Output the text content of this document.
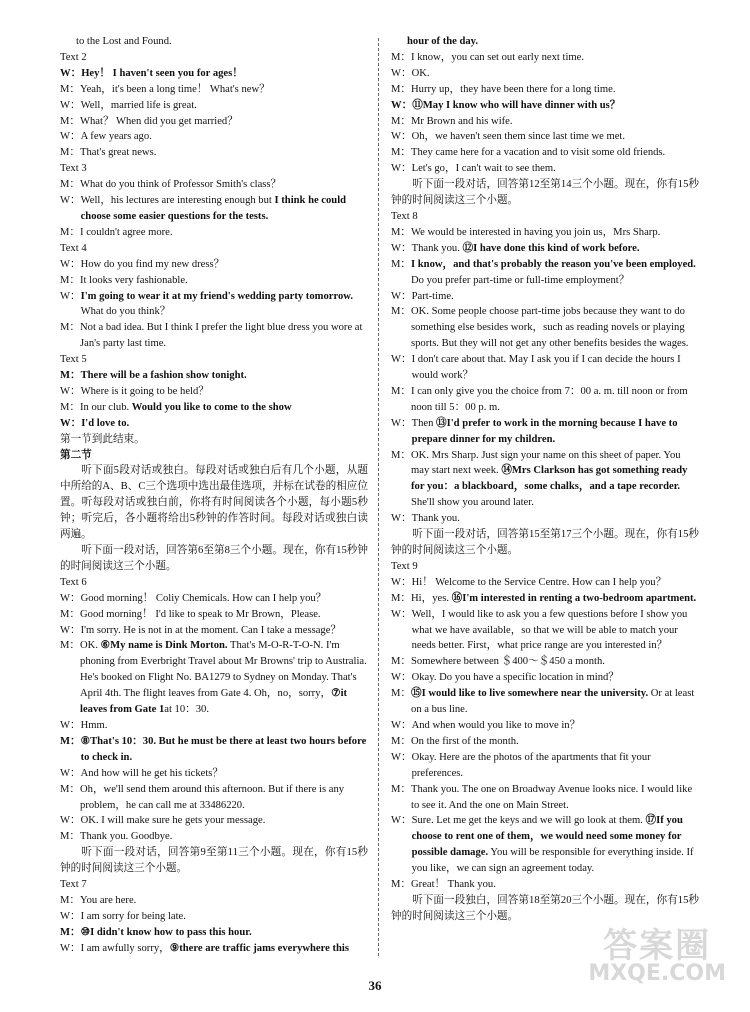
to the Lost and Found.
Text 2
W： Hey！ I haven't seen you for ages！
M： Yeah，it's been a long time！ What's new？
W： Well，married life is great.
M： What？ When did you get married？
W： A few years ago.
M： That's great news.
Text 3
M： What do you think of Professor Smith's class？
W： Well，his lectures are interesting enough but I think he could choose some easier questions for the tests.
M： I couldn't agree more.
Text 4
W： How do you find my new dress？
M： It looks very fashionable.
W： I'm going to wear it at my friend's wedding party tomorrow. What do you think？
M： Not a bad idea. But I think I prefer the light blue dress you wore at Jan's party last time.
Text 5
M： There will be a fashion show tonight.
W： Where is it going to be held？
M： In our club. Would you like to come to the show
W： I'd love to.
第一节到此结束。
第二节
听下面5段对话或独白。每段对话或独白后有几个小题，从题中所给的A、B、C三个选项中选出最佳选项，并标在试卷的相应位置。听每段对话或独白前，你将有时间阅读各个小题，每小题5秒钟；听完后，各小题将给出5秒钟的作答时间。每段对话或独白读两遍。
听下面一段对话，回答第6至第8三个小题。现在，你有15秒钟的时间阅读这三个小题。
Text 6
W： Good morning！ Coliy Chemicals. How can I help you？
M： Good morning！ I'd like to speak to Mr Brown，Please.
W： I'm sorry. He is not in at the moment. Can I take a message？
M： OK. ⑥My name is Dink Morton. That's M-O-R-T-O-N. I'm phoning from Everbright Travel about Mr Browns' trip to Australia. He's booked on Flight No. BA1279 to Sydney on Monday. That's April 4th. The flight leaves from Gate 4. Oh，no，sorry，⑦it leaves from Gate 1at 10：30.
W： Hmm.
M： ⑧That's 10：30. But he must be there at least two hours before to check in.
W： And how will he get his tickets？
M： Oh，we'll send them around this afternoon. But if there is any problem，he can call me at 33486220.
W： OK. I will make sure he gets your message.
M： Thank you. Goodbye.
听下面一段对话，回答第9至第11三个小题。现在，你有15秒钟的时间阅读这三个小题。
Text 7
M： You are here.
W： I am sorry for being late.
M： ⑩I didn't know how to pass this hour.
W： I am awfully sorry，⑨there are traffic jams everywhere this
hour of the day.
M： I know，you can set out early next time.
W： OK.
M： Hurry up，they have been there for a long time.
W： ⑪May I know who will have dinner with us？
M： Mr Brown and his wife.
W： Oh，we haven't seen them since last time we met.
M： They came here for a vacation and to visit some old friends.
W： Let's go，I can't wait to see them.
听下面一段对话，回答第12至第14三个小题。现在，你有15秒钟的时间阅读这三个小题。
Text 8
M： We would be interested in having you join us，Mrs Sharp.
W： Thank you. ⑫I have done this kind of work before.
M： I know，and that's probably the reason you've been employed. Do you prefer part-time or full-time employment？
W： Part-time.
M： OK. Some people choose part-time jobs because they want to do something else besides work，such as reading novels or playing sports. But they will not get any other benefits besides the wages.
W： I don't care about that. May I ask you if I can decide the hours I would work？
M： I can only give you the choice from 7：00 a. m. till noon or from noon till 5：00 p. m.
W： Then ⑬I'd prefer to work in the morning because I have to prepare dinner for my children.
M： OK. Mrs Sharp. Just sign your name on this sheet of paper. You may start next week. ⑭Mrs Clarkson has got something ready for you：a blackboard，some chalks，and a tape recorder. She'll show you around later.
W： Thank you.
听下面一段对话，回答第15至第17三个小题。现在，你有15秒钟的时间阅读这三个小题。
Text 9
W： Hi！ Welcome to the Service Centre. How can I help you？
M： Hi，yes. ⑯I'm interested in renting a two-bedroom apartment.
W： Well，I would like to ask you a few questions before I show you what we have available，so that we will be able to match your needs better. First，what price range are you interested in？
M： Somewhere between ＄400～＄450 a month.
W： Okay. Do you have a specific location in mind？
M： ⑮I would like to live somewhere near the university. Or at least on a bus line.
W： And when would you like to move in？
M： On the first of the month.
W： Okay. Here are the photos of the apartments that fit your preferences.
M： Thank you. The one on Broadway Avenue looks nice. I would like to see it. And the one on Main Street.
W： Sure. Let me get the keys and we will go look at them. ⑰If you choose to rent one of them，we would need some money for possible damage. You will be responsible for everything inside. If you like，we can sign an agreement today.
M： Great！ Thank you.
听下面一段独白，回答第18至第20三个小题。现在，你有15秒钟的时间阅读这三个小题。
36
答案圈
MXQE.COM
